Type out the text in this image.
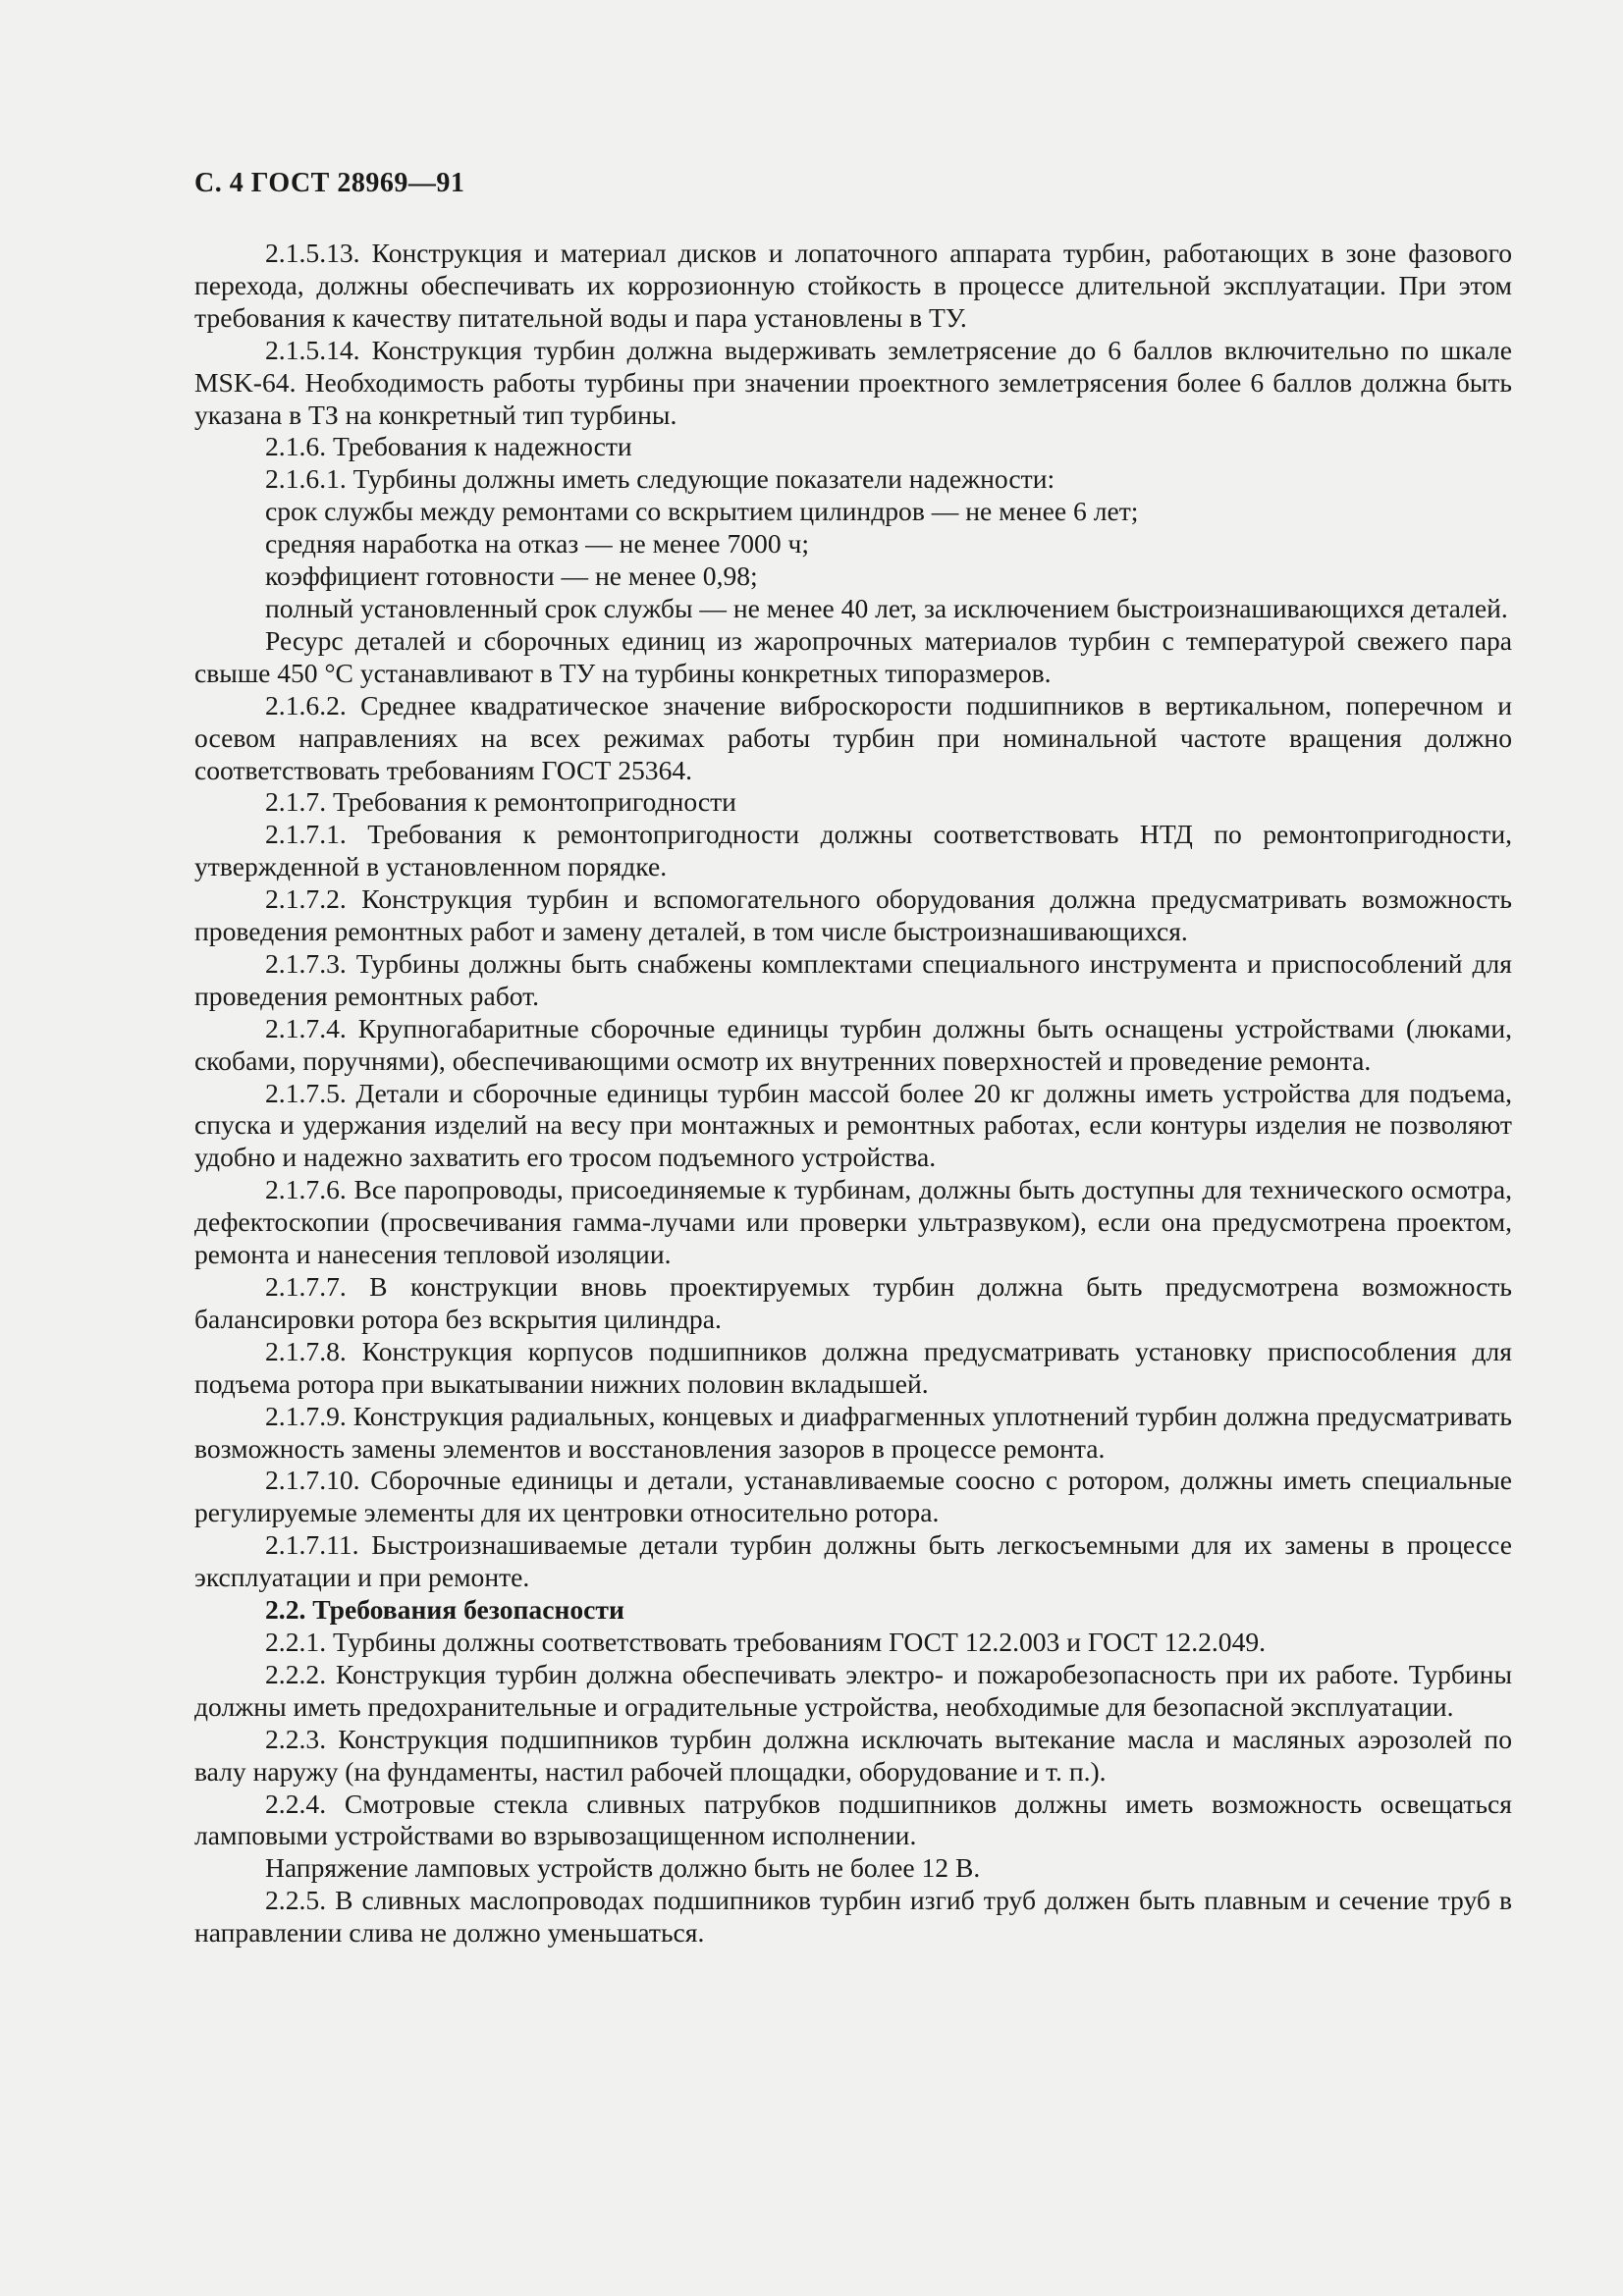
С. 4 ГОСТ 28969—91

2.1.5.13. Конструкция и материал дисков и лопаточного аппарата турбин, работающих в зоне фазового перехода, должны обеспечивать их коррозионную стойкость в процессе длительной эксплуатации. При этом требования к качеству питательной воды и пара установлены в ТУ.

2.1.5.14. Конструкция турбин должна выдерживать землетрясение до 6 баллов включительно по шкале MSK-64. Необходимость работы турбины при значении проектного землетрясения более 6 баллов должна быть указана в ТЗ на конкретный тип турбины.

2.1.6. Требования к надежности

2.1.6.1. Турбины должны иметь следующие показатели надежности:

срок службы между ремонтами со вскрытием цилиндров — не менее 6 лет;

средняя наработка на отказ — не менее 7000 ч;

коэффициент готовности — не менее 0,98;

полный установленный срок службы — не менее 40 лет, за исключением быстроизнашивающихся деталей.

Ресурс деталей и сборочных единиц из жаропрочных материалов турбин с температурой свежего пара свыше 450 °С устанавливают в ТУ на турбины конкретных типоразмеров.

2.1.6.2. Среднее квадратическое значение виброскорости подшипников в вертикальном, поперечном и осевом направлениях на всех режимах работы турбин при номинальной частоте вращения должно соответствовать требованиям ГОСТ 25364.

2.1.7. Требования к ремонтопригодности

2.1.7.1. Требования к ремонтопригодности должны соответствовать НТД по ремонтопригодности, утвержденной в установленном порядке.

2.1.7.2. Конструкция турбин и вспомогательного оборудования должна предусматривать возможность проведения ремонтных работ и замену деталей, в том числе быстроизнашивающихся.

2.1.7.3. Турбины должны быть снабжены комплектами специального инструмента и приспособлений для проведения ремонтных работ.

2.1.7.4. Крупногабаритные сборочные единицы турбин должны быть оснащены устройствами (люками, скобами, поручнями), обеспечивающими осмотр их внутренних поверхностей и проведение ремонта.

2.1.7.5. Детали и сборочные единицы турбин массой более 20 кг должны иметь устройства для подъема, спуска и удержания изделий на весу при монтажных и ремонтных работах, если контуры изделия не позволяют удобно и надежно захватить его тросом подъемного устройства.

2.1.7.6. Все паропроводы, присоединяемые к турбинам, должны быть доступны для технического осмотра, дефектоскопии (просвечивания гамма-лучами или проверки ультразвуком), если она предусмотрена проектом, ремонта и нанесения тепловой изоляции.

2.1.7.7. В конструкции вновь проектируемых турбин должна быть предусмотрена возможность балансировки ротора без вскрытия цилиндра.

2.1.7.8. Конструкция корпусов подшипников должна предусматривать установку приспособления для подъема ротора при выкатывании нижних половин вкладышей.

2.1.7.9. Конструкция радиальных, концевых и диафрагменных уплотнений турбин должна предусматривать возможность замены элементов и восстановления зазоров в процессе ремонта.

2.1.7.10. Сборочные единицы и детали, устанавливаемые соосно с ротором, должны иметь специальные регулируемые элементы для их центровки относительно ротора.

2.1.7.11. Быстроизнашиваемые детали турбин должны быть легкосъемными для их замены в процессе эксплуатации и при ремонте.

2.2. Требования безопасности

2.2.1. Турбины должны соответствовать требованиям ГОСТ 12.2.003 и ГОСТ 12.2.049.

2.2.2. Конструкция турбин должна обеспечивать электро- и пожаробезопасность при их работе. Турбины должны иметь предохранительные и оградительные устройства, необходимые для безопасной эксплуатации.

2.2.3. Конструкция подшипников турбин должна исключать вытекание масла и масляных аэрозолей по валу наружу (на фундаменты, настил рабочей площадки, оборудование и т. п.).

2.2.4. Смотровые стекла сливных патрубков подшипников должны иметь возможность освещаться ламповыми устройствами во взрывозащищенном исполнении.

Напряжение ламповых устройств должно быть не более 12 В.

2.2.5. В сливных маслопроводах подшипников турбин изгиб труб должен быть плавным и сечение труб в направлении слива не должно уменьшаться.
